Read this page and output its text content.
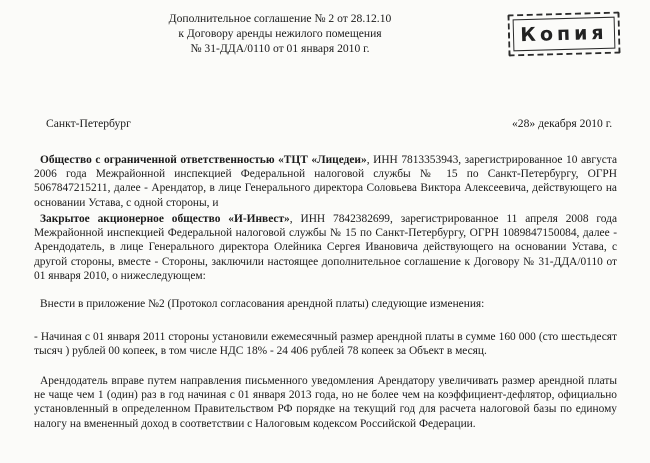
Дополнительное соглашение № 2 от 28.12.10
к Договору аренды нежилого помещения
№ 31-ДДА/0110 от 01 января 2010 г.
Копия
Санкт-Петербург	«28» декабря 2010 г.
Общество с ограниченной ответственностью «ТЦТ «Лицедеи», ИНН 7813353943, зарегистрированное 10 августа 2006 года Межрайонной инспекцией Федеральной налоговой службы № 15 по Санкт-Петербургу, ОГРН 5067847215211, далее - Арендатор, в лице Генерального директора Соловьева Виктора Алексеевича, действующего на основании Устава, с одной стороны, и
Закрытое акционерное общество «И-Инвест», ИНН 7842382699, зарегистрированное 11 апреля 2008 года Межрайонной инспекцией Федеральной налоговой службы № 15 по Санкт-Петербургу, ОГРН 1089847150084, далее - Арендодатель, в лице Генерального директора Олейника Сергея Ивановича действующего на основании Устава, с другой стороны, вместе - Стороны, заключили настоящее дополнительное соглашение к Договору № 31-ДДА/0110 от 01 января 2010, о нижеследующем:
Внести в приложение №2 (Протокол согласования арендной платы) следующие изменения:
- Начиная с 01 января 2011 стороны установили ежемесячный размер арендной платы в сумме 160 000 (сто шестьдесят тысяч ) рублей 00 копеек, в том числе НДС 18% - 24 406 рублей 78 копеек за Объект в месяц.
Арендодатель вправе путем направления письменного уведомления Арендатору увеличивать размер арендной платы не чаще чем 1 (один) раз в год начиная с 01 января 2013 года, но не более чем на коэффициент-дефлятор, официально установленный в определенном Правительством РФ порядке на текущий год для расчета налоговой базы по единому налогу на вмененный доход в соответствии с Налоговым кодексом Российской Федерации.
